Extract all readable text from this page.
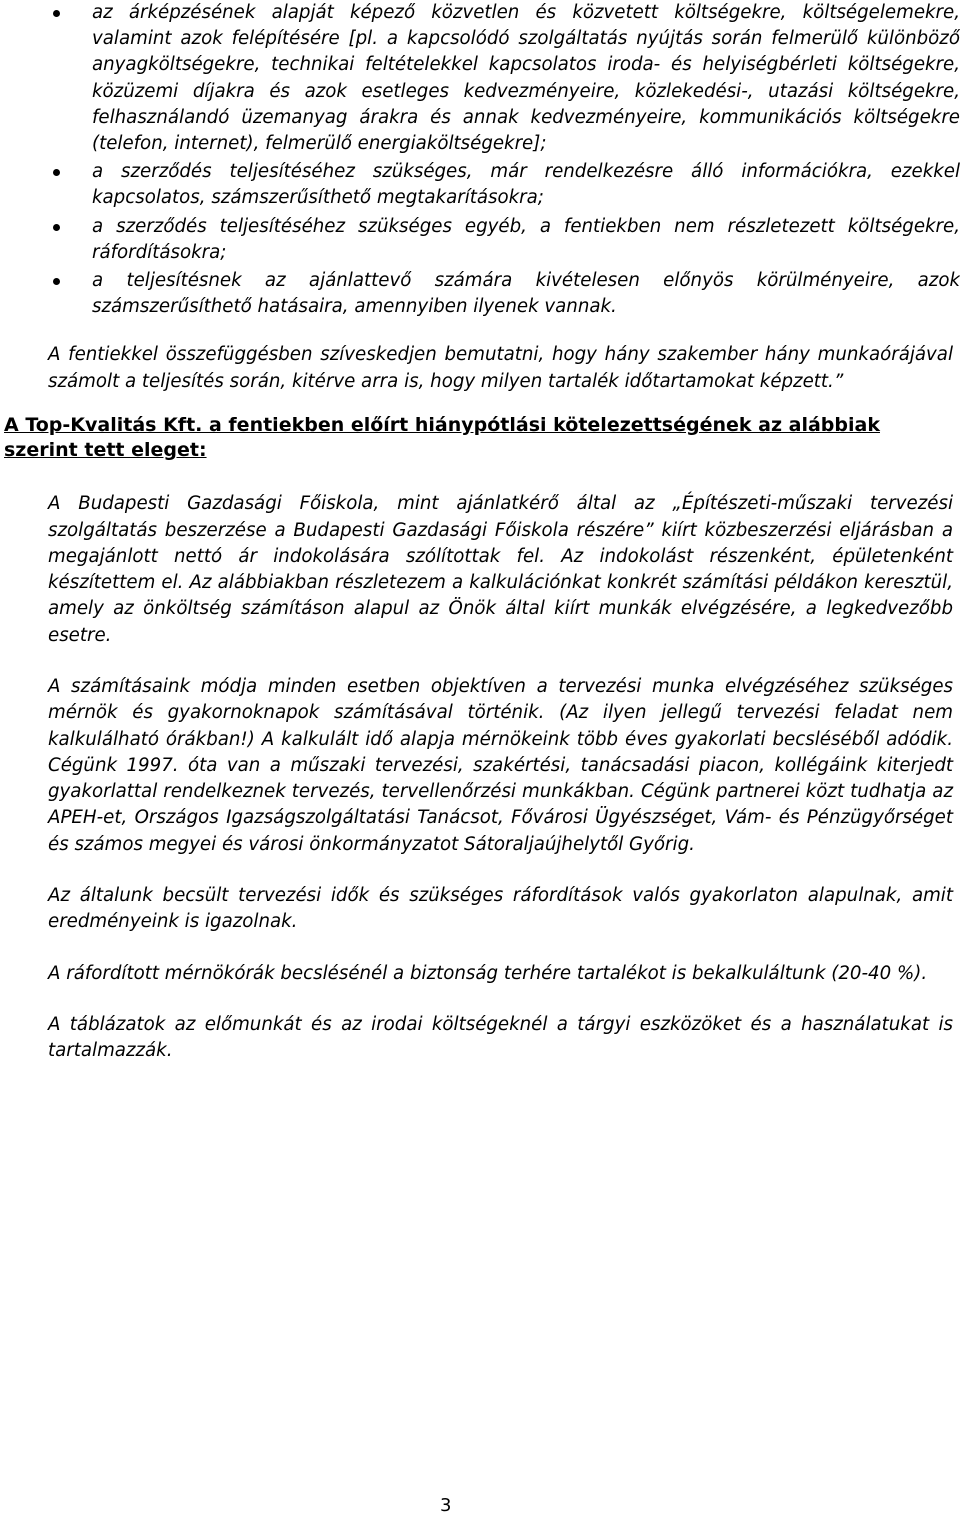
az árképzésének alapját képező közvetlen és közvetett költségekre, költségelemekre, valamint azok felépítésére [pl. a kapcsolódó szolgáltatás nyújtás során felmerülő különböző anyagköltségekre, technikai feltételekkel kapcsolatos iroda- és helyiségbérleti költségekre, közüzemi díjakra és azok esetleges kedvezményeire, közlekedési-, utazási költségekre, felhasználandó üzemanyag árakra és annak kedvezményeire, kommunikációs költségekre (telefon, internet), felmerülő energiaköltségekre];
a szerződés teljesítéséhez szükséges, már rendelkezésre álló információkra, ezekkel kapcsolatos, számszerűsíthető megtakarításokra;
a szerződés teljesítéséhez szükséges egyéb, a fentiekben nem részletezett költségekre, ráfordításokra;
a teljesítésnek az ajánlattevő számára kivételesen előnyös körülményeire, azok számszerűsíthető hatásaira, amennyiben ilyenek vannak.

A fentiekkel összefüggésben szíveskedjen bemutatni, hogy hány szakember hány munkaórájával számolt a teljesítés során, kitérve arra is, hogy milyen tartalék időtartamokat képzett.”

A Top-Kvalitás Kft. a fentiekben előírt hiánypótlási kötelezettségének az alábbiak szerint tett eleget:

A Budapesti Gazdasági Főiskola, mint ajánlatkérő által az „Építészeti-műszaki tervezési szolgáltatás beszerzése a Budapesti Gazdasági Főiskola részére” kiírt közbeszerzési eljárásban a megajánlott nettó ár indokolására szólítottak fel. Az indokolást részenként, épületenként készítettem el. Az alábbiakban részletezem a kalkulációnkat konkrét számítási példákon keresztül, amely az önköltség számításon alapul az Önök által kiírt munkák elvégzésére, a legkedvezőbb esetre.

A számításaink módja minden esetben objektíven a tervezési munka elvégzéséhez szükséges mérnök és gyakornoknapok számításával történik. (Az ilyen jellegű tervezési feladat nem kalkulálható órákban!) A kalkulált idő alapja mérnökeink több éves gyakorlati becsléséből adódik. Cégünk 1997. óta van a műszaki tervezési, szakértési, tanácsadási piacon, kollégáink kiterjedt gyakorlattal rendelkeznek tervezés, tervellenőrzési munkákban. Cégünk partnerei közt tudhatja az APEH-et, Országos Igazságszolgáltatási Tanácsot, Fővárosi Ügyészséget, Vám- és Pénzügyőrséget és számos megyei és városi önkormányzatot Sátoraljaújhelytől Győrig.

Az általunk becsült tervezési idők és szükséges ráfordítások valós gyakorlaton alapulnak, amit eredményeink is igazolnak.

A ráfordított mérnökórák becslésénél a biztonság terhére tartalékot is bekalkuláltunk (20-40 %).

A táblázatok az előmunkát és az irodai költségeknél a tárgyi eszközöket és a használatukat is tartalmazzák.

3
